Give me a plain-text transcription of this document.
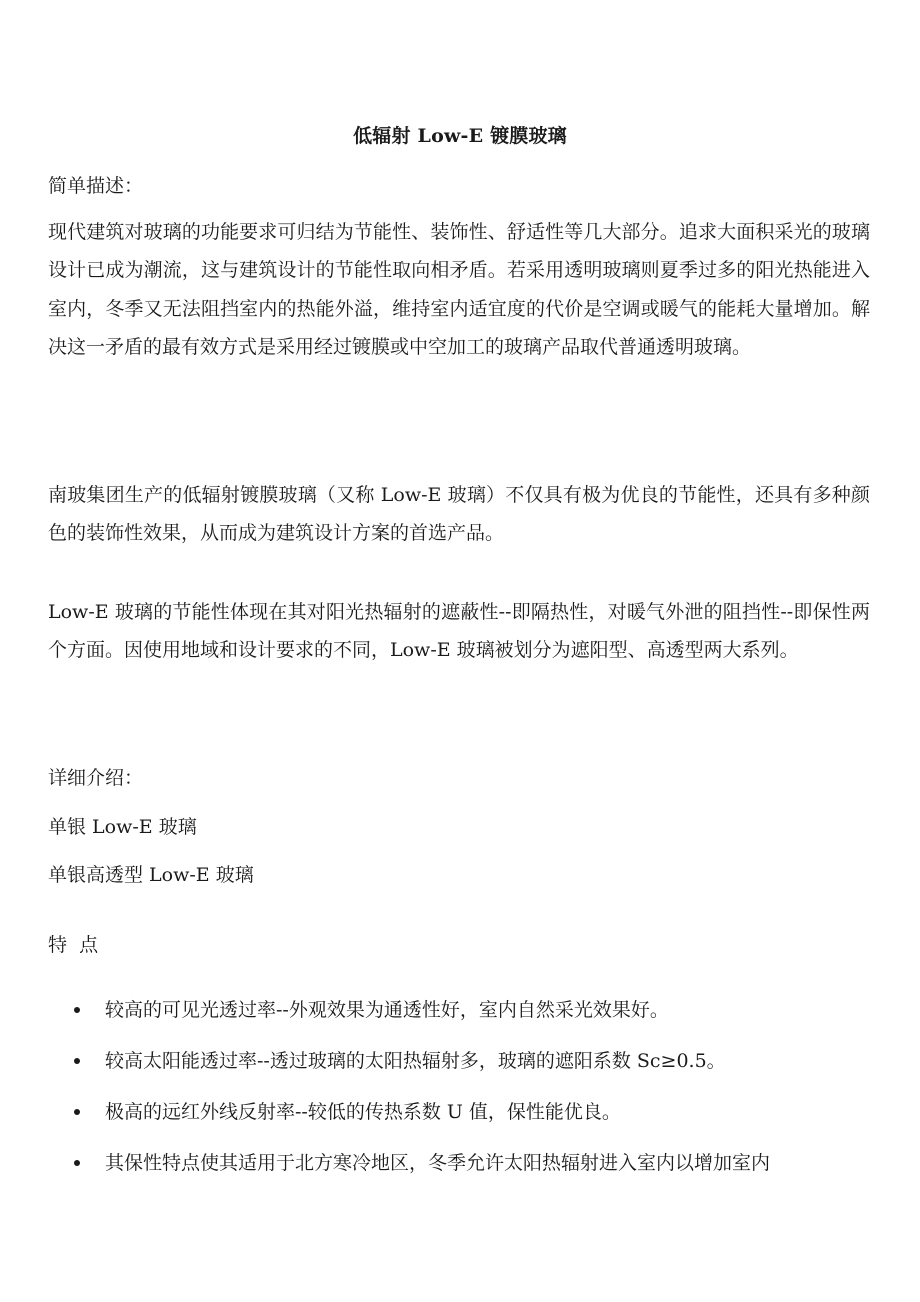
低辐射 Low-E 镀膜玻璃
简单描述：

现代建筑对玻璃的功能要求可归结为节能性、装饰性、舒适性等几大部分。追求大面积采光的玻璃设计已成为潮流，这与建筑设计的节能性取向相矛盾。若采用透明玻璃则夏季过多的阳光热能进入室内，冬季又无法阻挡室内的热能外溢，维持室内适宜度的代价是空调或暖气的能耗大量增加。解决这一矛盾的最有效方式是采用经过镀膜或中空加工的玻璃产品取代普通透明玻璃。

南玻集团生产的低辐射镀膜玻璃（又称 Low-E 玻璃）不仅具有极为优良的节能性，还具有多种颜色的装饰性效果，从而成为建筑设计方案的首选产品。

Low-E 玻璃的节能性体现在其对阳光热辐射的遮蔽性--即隔热性，对暖气外泄的阻挡性--即保性两个方面。因使用地域和设计要求的不同，Low-E 玻璃被划分为遮阳型、高透型两大系列。

详细介绍：
单银 Low-E 玻璃
单银高透型 Low-E 玻璃
特  点
较高的可见光透过率--外观效果为通透性好，室内自然采光效果好。
较高太阳能透过率--透过玻璃的太阳热辐射多，玻璃的遮阳系数 Sc≥0.5。
极高的远红外线反射率--较低的传热系数 U 值，保性能优良。
其保性特点使其适用于北方寒冷地区，冬季允许太阳热辐射进入室内以增加室内
